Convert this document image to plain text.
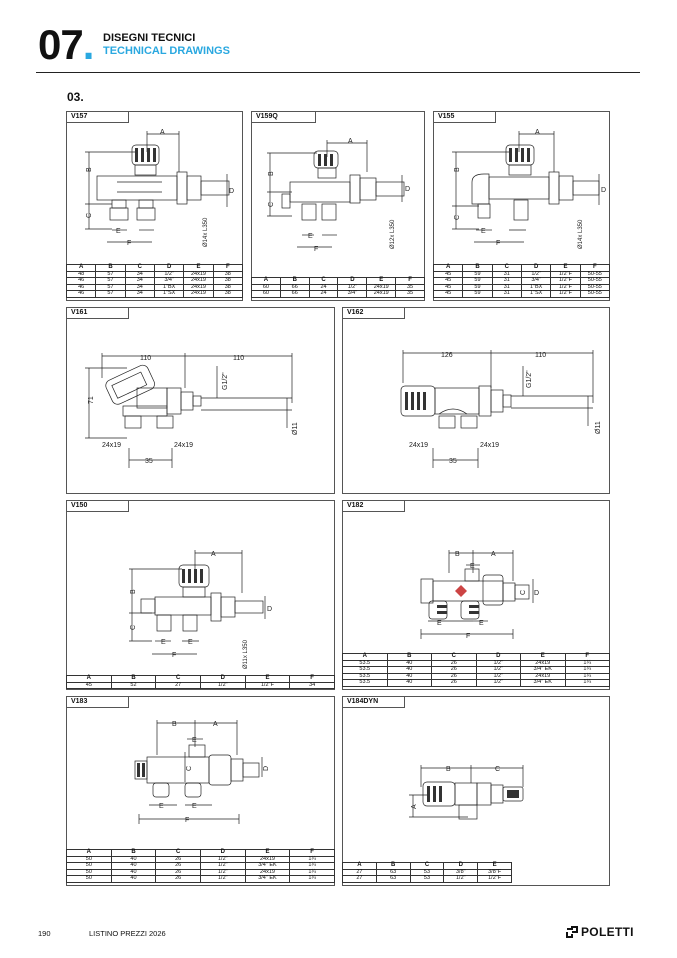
07. DISEGNI TECNICI
TECHNICAL DRAWINGS
03.
V157
A
B
C
E
F
D
Ø14x L350
A	B	C	D	E	F
48	57	34	1/2"	24x19	38
46	57	34	3/4"	24x19	38
46	57	34	1"BX	24x19	38
46	57	34	1"SX	24x19	38
V159Q
A
B
C
E
F
D
Ø12x L350
A	B	C	D	E	F
60	66	24	1/2"	24x19	35
60	66	24	3/4"	24x19	35
V155
A
B
C
E
F
D
Ø14x L350
A	B	C	D	E	F
45	59	31	1/2"	1/2"F	50-55
45	59	31	3/4"	1/2"F	50-55
45	59	31	1"BX	1/2"F	50-55
45	59	31	1"SX	1/2"F	50-55
V161
110	110
71
G1/2"
24x19	24x19
35
Ø11
V162
126	110
G1/2"
24x19	24x19
35
Ø11
V150
A
B
C
E	E
F
D
Ø11x L350
A	B	C	D	E	F
45	52	27	1/2"	1/2"F	34
V182
B	A
E
C D
E	E
F
A	B	C	D	E	F
53.5	40	26	1/2"	24x19	1¼
53.5	40	26	1/2"	3/4" EK	1¼
53.5	40	26	1/2"	24x19	1¼
53.5	40	26	1/2"	3/4" EK	1¼
V183
B	A
E
C	D
E	E
F
A	B	C	D	E	F
50	40	26	1/2"	24x19	1¼
50	40	26	1/2"	3/4" EK	1¼
50	40	26	1/2"	24x19	1¼
50	40	26	1/2"	3/4" EK	1¼
V184DYN
B	C
A
A	B	C	D	E
27	63	53	3/8"	3/8"F
27	63	53	1/2"	1/2"F
190	LISTINO PREZZI 2026	POLETTI
